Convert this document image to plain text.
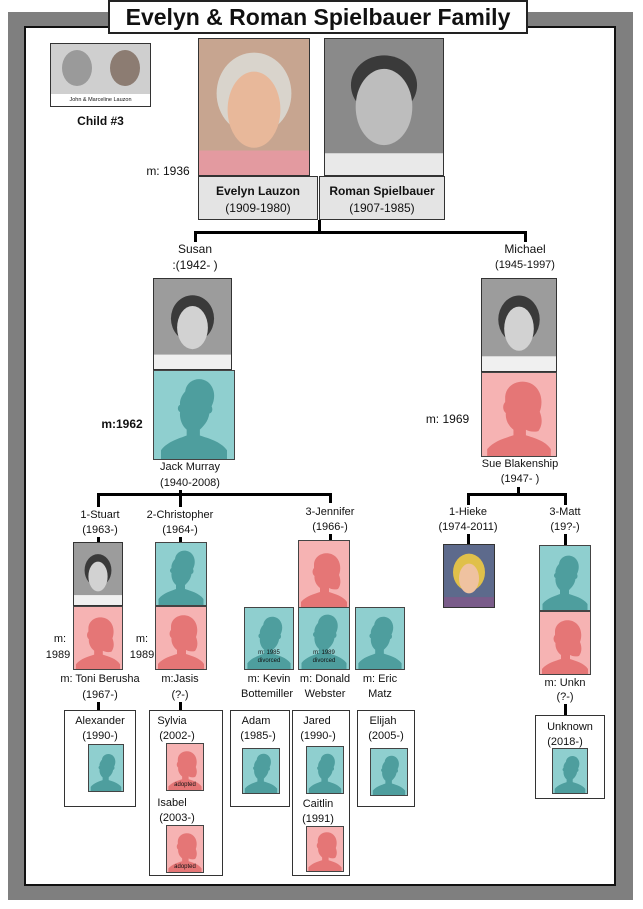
Evelyn & Roman Spielbauer Family
John & Marceline Lauzon
Child #3
m: 1936
Evelyn Lauzon
(1909-1980)
Roman Spielbauer
(1907-1985)
Susan
:(1942- )
m:1962
Jack Murray
(1940-2008)
Michael
(1945-1997)
m: 1969
Sue Blakenship
(1947- )
1-Stuart
(1963-)
m:
1989
m: Toni Berusha
(1967-)
Alexander
(1990-)
2-Christopher
(1964-)
m:
1989
m:Jasis
(?-)
Sylvia
(2002-)
adopted
Isabel
(2003-)
adopted
3-Jennifer
(1966-)
m: 1985
divorced
m: 1989
divorced
m: Kevin
Bottemiller
m: Donald
Webster
m: Eric
Matz
Adam
(1985-)
Jared
(1990-)
Caitlin
(1991)
Elijah
(2005-)
1-Hieke
(1974-2011)
3-Matt
(19?-)
m: Unkn
(?-)
Unknown
(2018-)
